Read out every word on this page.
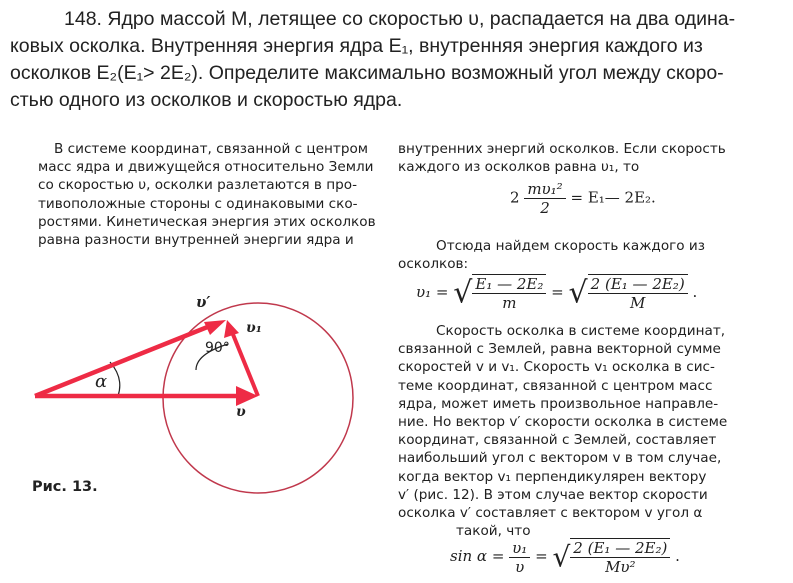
148. Ядро массой M, летящее со скоростью υ, распадается на два одина-
ковых осколка. Внутренняя энергия ядра E₁, внутренняя энергия каждого из
осколков E₂(E₁> 2E₂). Определите максимально возможный угол между скоро-
стью одного из осколков и скоростью ядра.
В системе координат, связанной с центром
масс ядра и движущейся относительно Земли
со скоростью υ, осколки разлетаются в про-
тивоположные стороны с одинаковыми ско-
ростями. Кинетическая энергия этих осколков
равна разности внутренней энергии ядра и
υ′
υ₁
υ
90°
α
Рис. 13.
внутренних энергий осколков. Если скорость
каждого из осколков равна υ₁, то
$2 \frac{\text{mυ₁²}}{2}$ = E₁— 2E₂.
Отсюда найдем скорость каждого из
осколков:
υ₁ = √ $\frac{\text{E₁ — 2E₂}}{m}$ = √ $\frac{\text{2 (E₁ — 2E₂)}}{M}$ .
Скорость осколка в системе координат,
связанной с Землей, равна векторной сумме
скоростей v и v₁. Скорость v₁ осколка в сис-
теме координат, связанной с центром масс
ядра, может иметь произвольное направле-
ние. Но вектор v′ скорости осколка в системе
координат, связанной с Землей, составляет
наибольший угол с вектором v в том случае,
когда вектор v₁ перпендикулярен вектору
v′ (рис. 12). В этом случае вектор скорости
осколка v′ составляет с вектором v угол α
такой, что
$\sin \alpha = \frac{\text{υ₁}}{\upsilon}$ = √ $\frac{\text{2 (E₁ — 2E₂)}}{\text{Mυ²}}$ .
